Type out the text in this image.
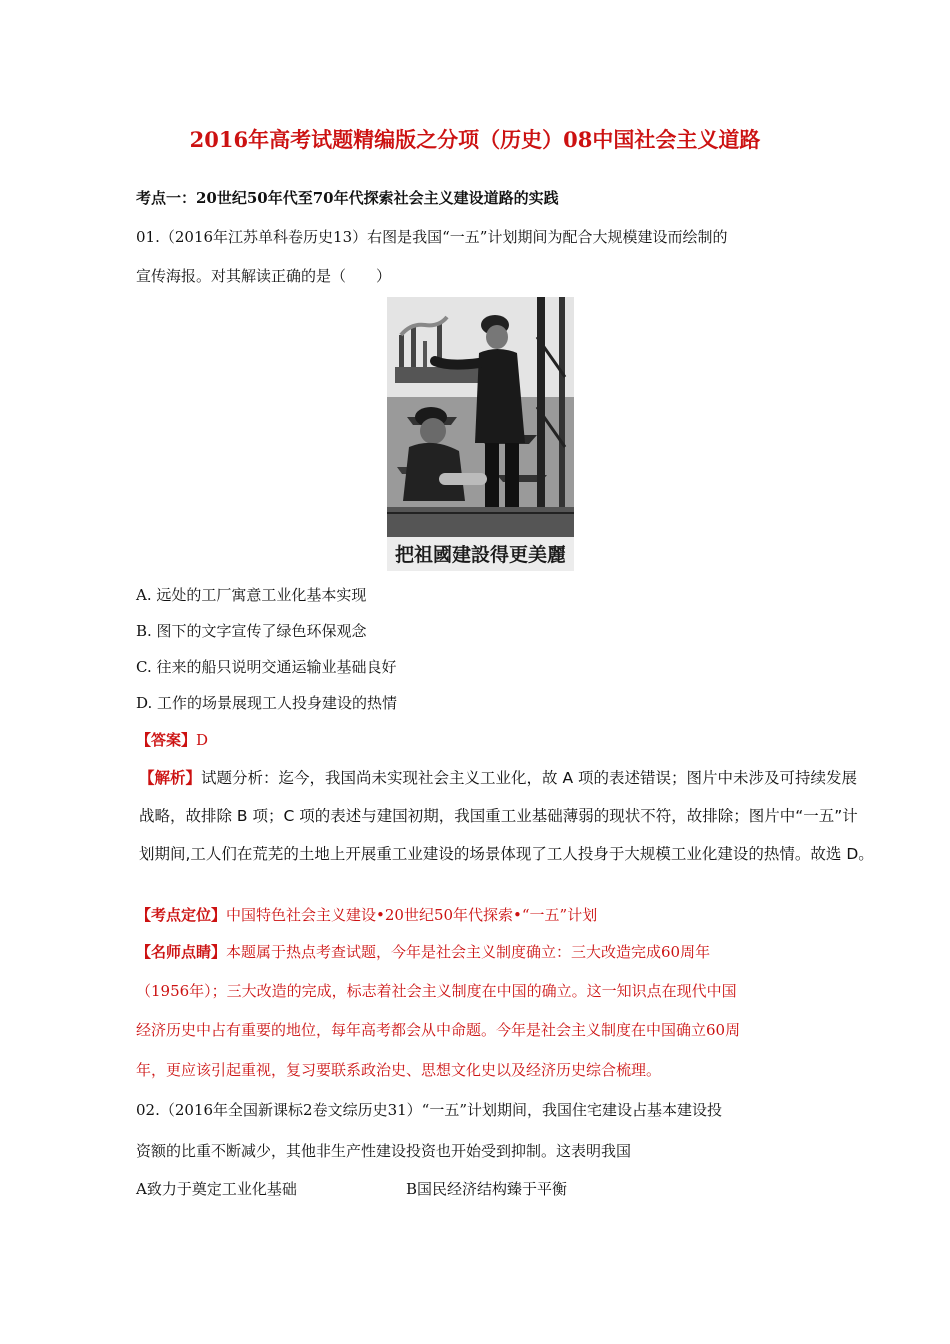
2016年高考试题精编版之分项（历史）08中国社会主义道路
考点一：20世纪50年代至70年代探索社会主义建设道路的实践
01.（2016年江苏单科卷历史13）右图是我国“一五”计划期间为配合大规模建设而绘制的
宣传海报。对其解读正确的是（　　）
把祖國建設得更美麗
A. 远处的工厂寓意工业化基本实现
B. 图下的文字宣传了绿色环保观念
C. 往来的船只说明交通运输业基础良好
D. 工作的场景展现工人投身建设的热情
【答案】D
【解析】试题分析：迄今，我国尚未实现社会主义工业化，故 A 项的表述错误；图片中未涉及可持续发展
战略，故排除 B 项；C 项的表述与建国初期，我国重工业基础薄弱的现状不符，故排除；图片中“一五”计
划期间,工人们在荒芜的土地上开展重工业建设的场景体现了工人投身于大规模工业化建设的热情。故选 D。
【考点定位】中国特色社会主义建设•20世纪50年代探索•“一五”计划
【名师点睛】本题属于热点考查试题，今年是社会主义制度确立：三大改造完成60周年
（1956年）；三大改造的完成，标志着社会主义制度在中国的确立。这一知识点在现代中国
经济历史中占有重要的地位，每年高考都会从中命题。今年是社会主义制度在中国确立60周
年，更应该引起重视，复习要联系政治史、思想文化史以及经济历史综合梳理。
02.（2016年全国新课标2卷文综历史31）“一五”计划期间，我国住宅建设占基本建设投
资额的比重不断减少，其他非生产性建设投资也开始受到抑制。这表明我国
A致力于奠定工业化基础	B国民经济结构臻于平衡
